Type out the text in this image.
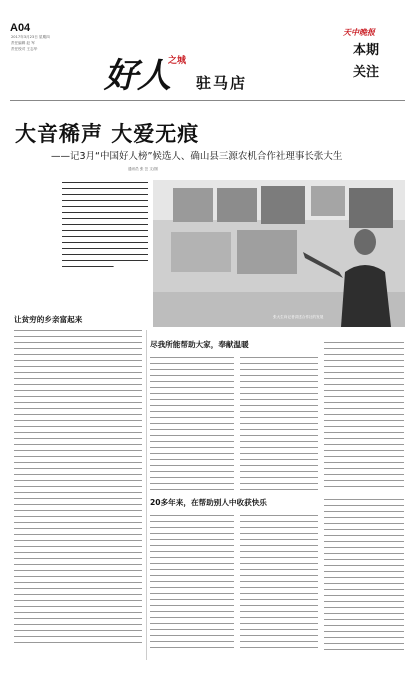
A04
2017年3月23日 星期四
责任编辑 赵 军
责任校对 王志华
好人
之城
驻马店
天中晚报
本期关注
大音稀声 大爱无痕
——记3月“中国好人榜”候选人、确山县三源农机合作社理事长张大生
通讯员 张 芸 文/图
张大生向记者讲述合作社的发展
让贫穷的乡亲富起来
尽我所能帮助大家，奉献温暖
20多年来，在帮助别人中收获快乐
